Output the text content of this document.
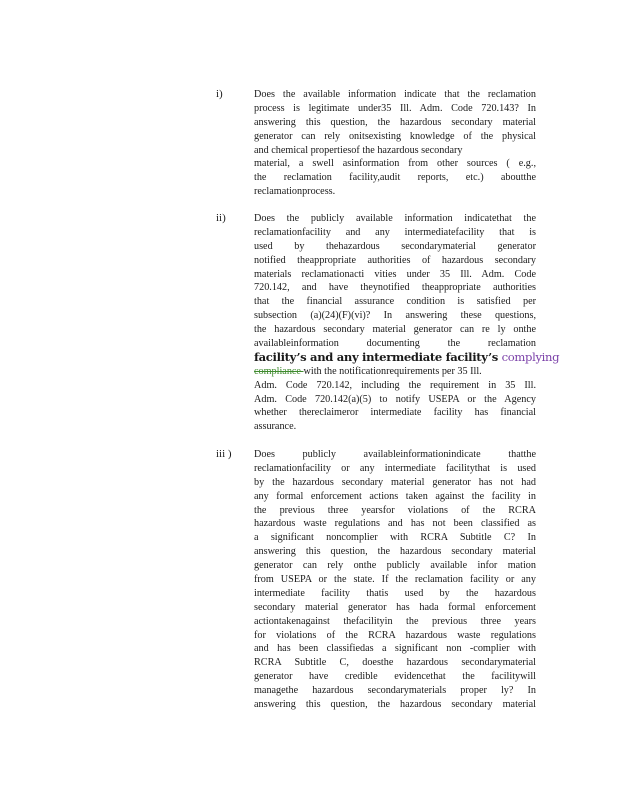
i)	Does the available information indicate that the reclamation
process is legitimate under35 Ill. Adm. Code 720.143? In
answering this question, the hazardous secondary material
generator can rely onitsexisting knowledge of the physical
and chemical propertiesof the hazardous secondary
material, a swell asinformation from other sources ( e.g.,
the reclamation facility,audit reports, etc.) aboutthe
reclamationprocess.
ii)	Does the publicly available information indicatethat the
reclamationfacility and any intermediatefacility that is
used by thehazardous secondarymaterial generator
notified theappropriate authorities of hazardous secondary
materials reclamationacti vities under 35 Ill. Adm. Code
720.142, and have theynotified theappropriate authorities
that the financial assurance condition is satisfied per
subsection (a)(24)(F)(vi)? In answering these questions,
the hazardous secondary material generator can re ly onthe
availableinformation documenting the reclamation
facility’s and any intermediate facility’s complying
compliance with the notificationrequirements per 35 Ill.
Adm. Code 720.142, including the requirement in 35 Ill.
Adm. Code 720.142(a)(5) to notify USEPA or the Agency
whether thereclaimeror intermediate facility has financial
assurance.
iii ) Does publicly availableinformationindicate thatthe
reclamationfacility or any intermediate facilitythat is used
by the hazardous secondary material generator has not had
any formal enforcement actions taken against the facility in
the previous three yearsfor violations of the RCRA
hazardous waste regulations and has not been classified as
a significant noncomplier with RCRA Subtitle C? In
answering this question, the hazardous secondary material
generator can rely onthe publicly available infor mation
from USEPA or the state. If the reclamation facility or any
intermediate facility thatis used by the hazardous
secondary material generator has hada formal enforcement
actiontakenagainst thefacilityin the previous three years
for violations of the RCRA hazardous waste regulations
and has been classifiedas a significant non -complier with
RCRA Subtitle C, doesthe hazardous secondarymaterial
generator have credible evidencethat the facilitywill
managethe hazardous secondarymaterials proper ly? In
answering this question, the hazardous secondary material
